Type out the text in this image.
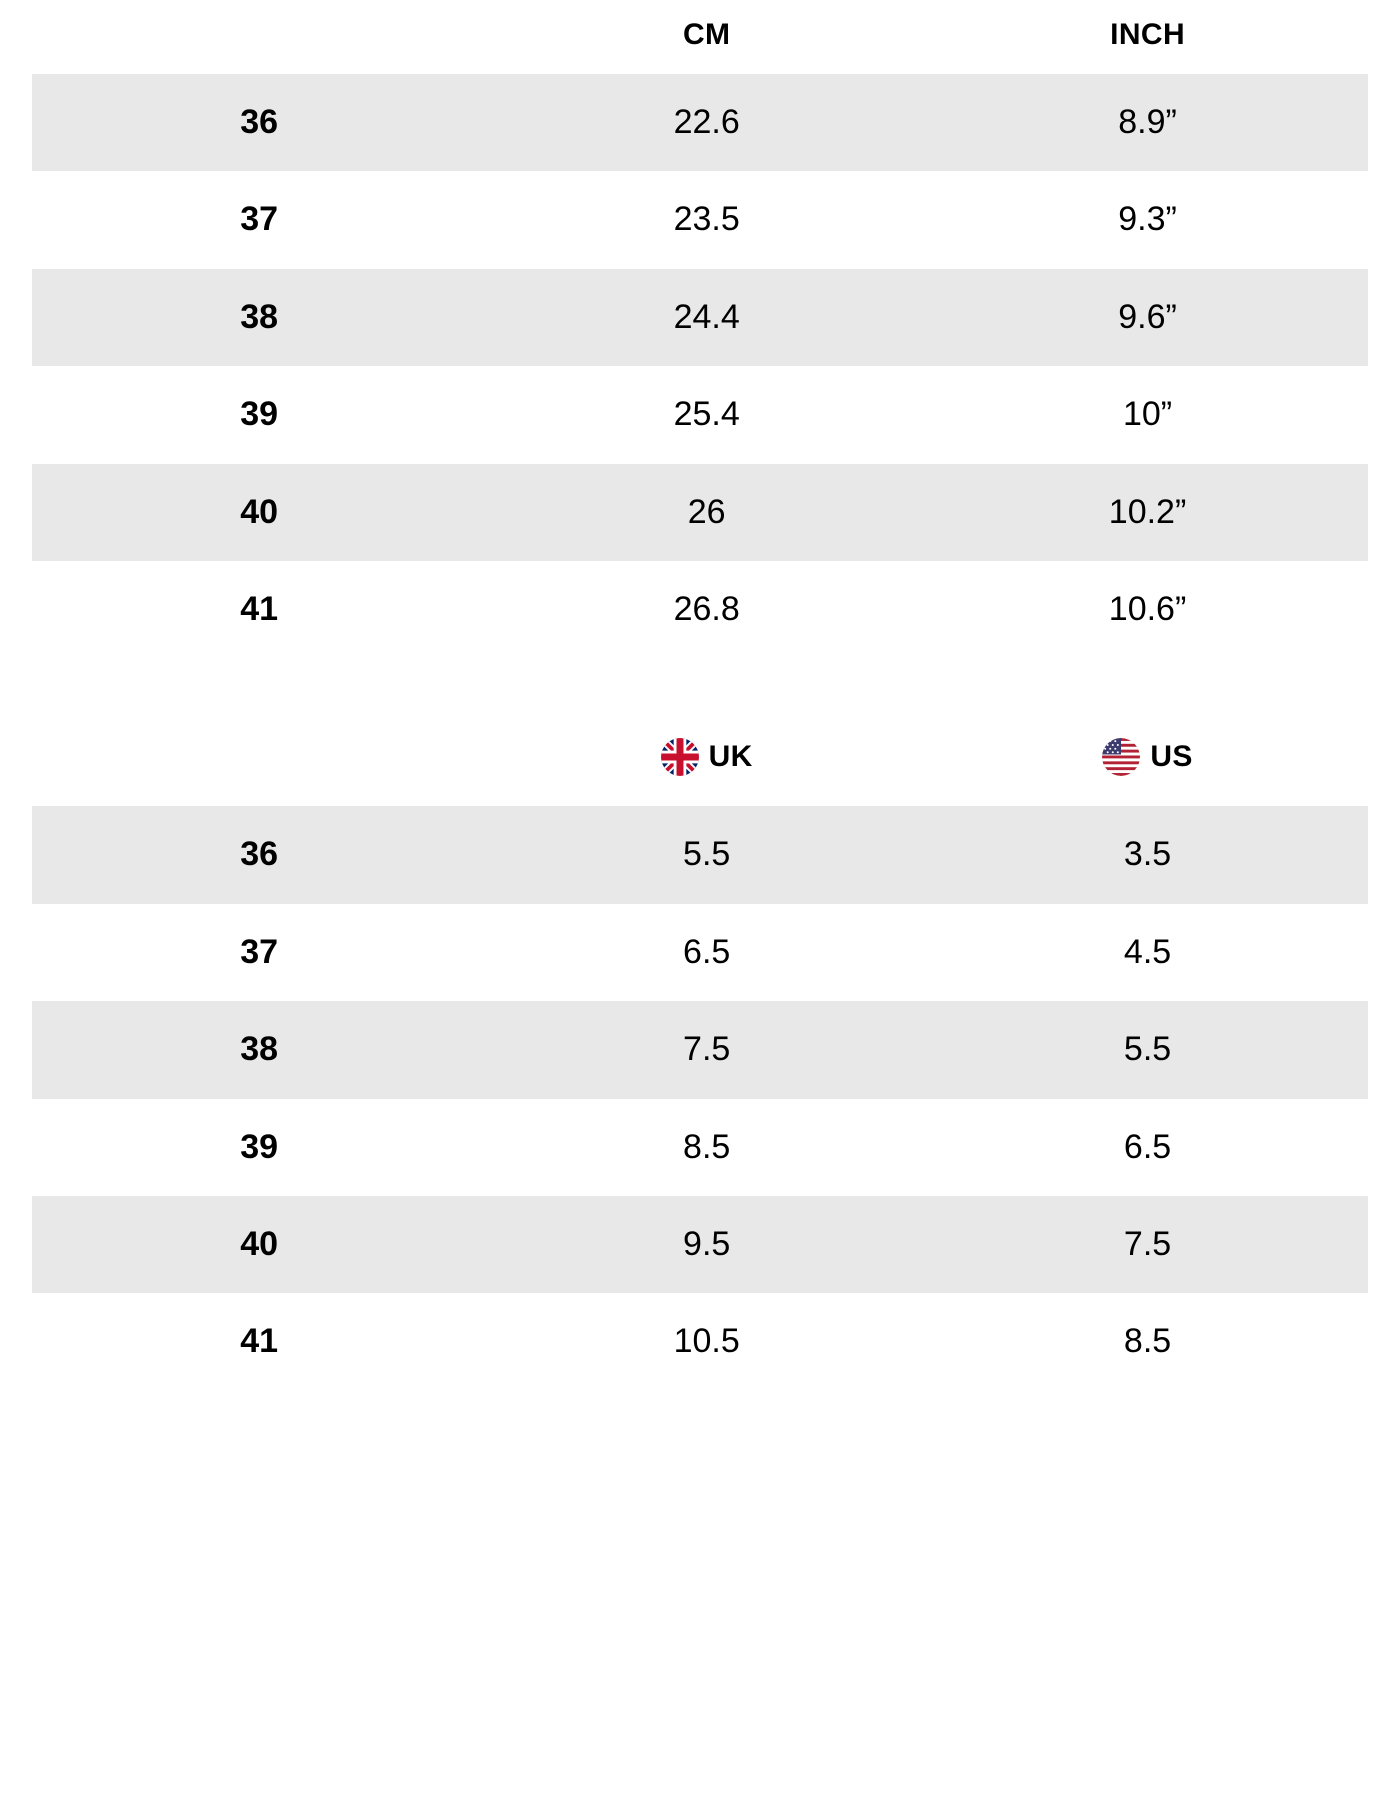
	CM	INCH
36	22.6	8.9”
37	23.5	9.3”
38	24.4	9.6”
39	25.4	10”
40	26	10.2”
41	26.8	10.6”

	UK	US

36	5.5	3.5
37	6.5	4.5
38	7.5	5.5
39	8.5	6.5
40	9.5	7.5
41	10.5	8.5
